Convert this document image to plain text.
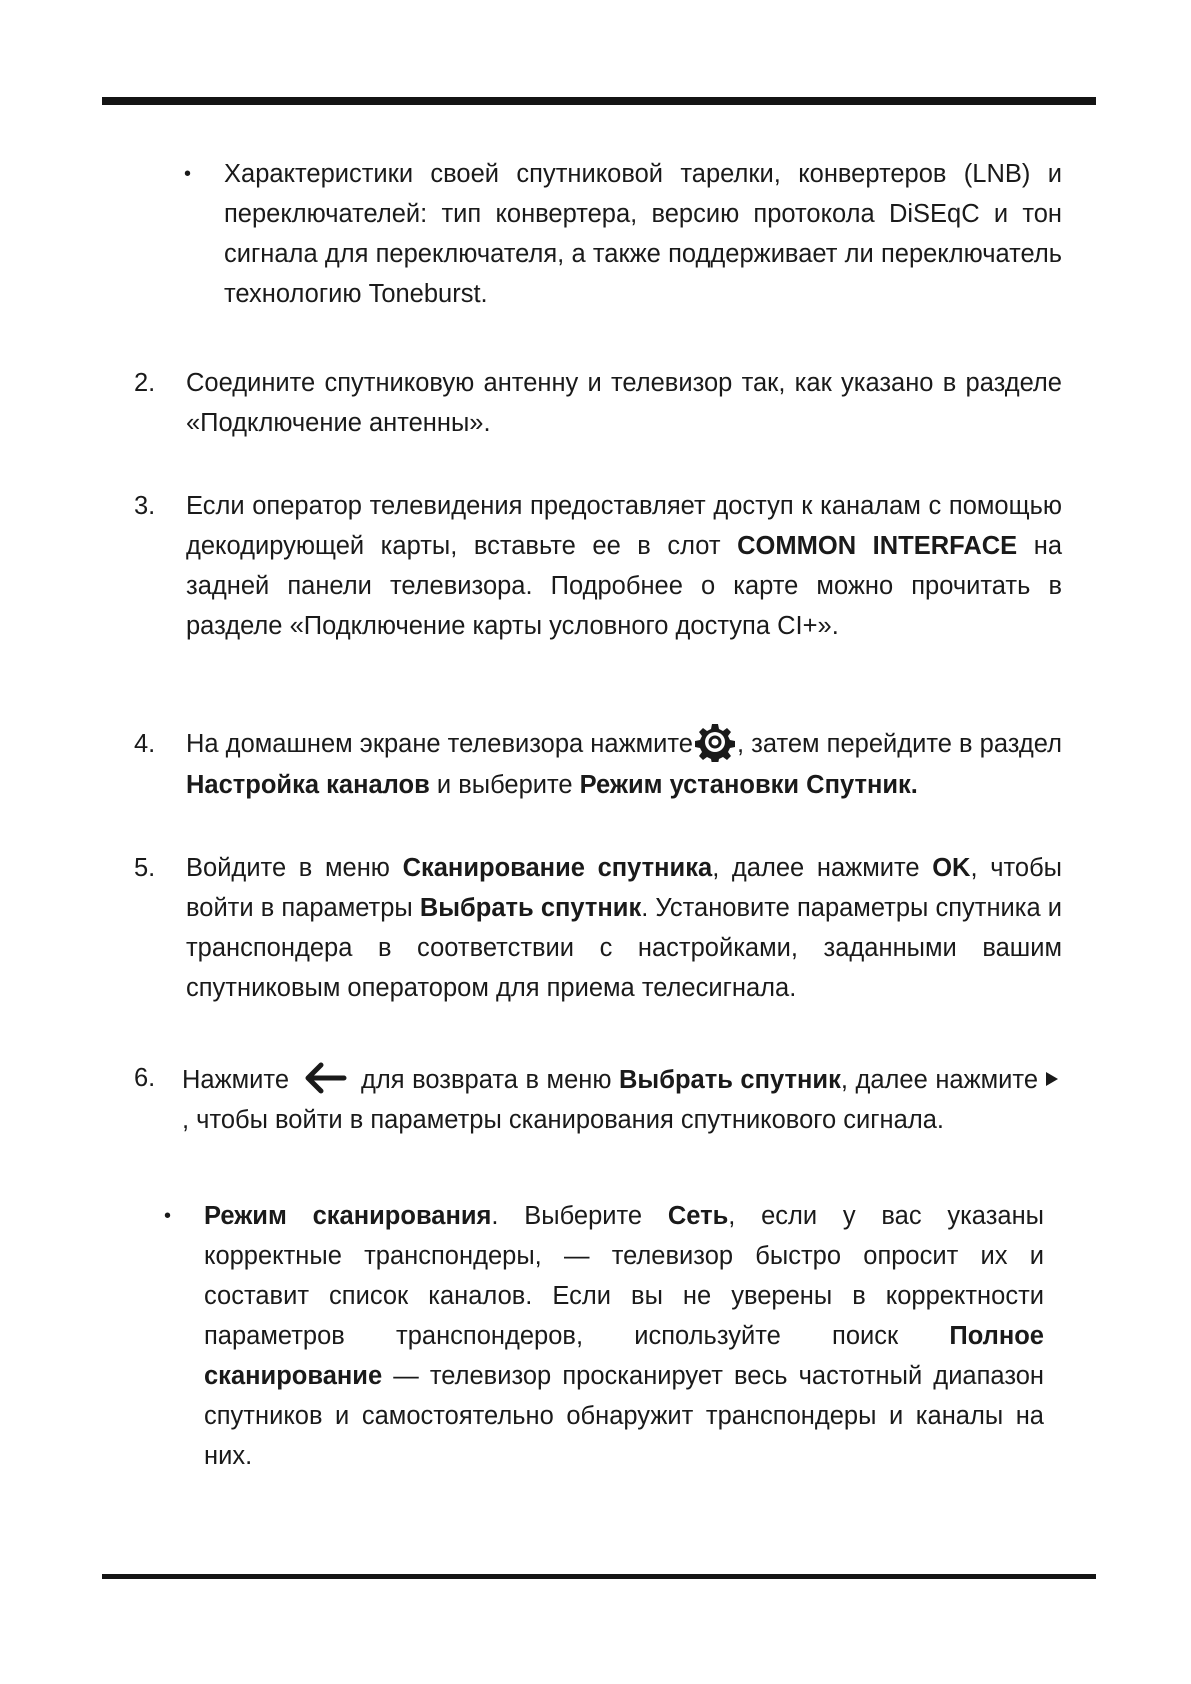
• Характеристики своей спутниковой тарелки, конвертеров (LNB) и переключателей: тип конвертера, версию протокола DiSEqC и тон сигнала для переключателя, а также поддерживает ли переключатель технологию Toneburst.

2. Соедините спутниковую антенну и телевизор так, как указано в разделе «Подключение антенны».

3. Если оператор телевидения предоставляет доступ к каналам с помощью декодирующей карты, вставьте ее в слот COMMON INTERFACE на задней панели телевизора. Подробнее о карте можно прочитать в разделе «Подключение карты условного доступа CI+».

4. На домашнем экране телевизора нажмите , затем перейдите в раздел Настройка каналов и выберите Режим установки Спутник.

5. Войдите в меню Сканирование спутника, далее нажмите OK, чтобы войти в параметры Выбрать спутник. Установите параметры спутника и транспондера в соответствии с настройками, заданными вашим спутниковым оператором для приема телесигнала.

6. Нажмите	для возврата в меню Выбрать спутник, далее нажмите, чтобы войти в параметры сканирования спутникового сигнала.

• Режим сканирования. Выберите Сеть, если у вас указаны корректные транспондеры, — телевизор быстро опросит их и составит список каналов. Если вы не уверены в корректности параметров транспондеров, используйте поиск Полное сканирование — телевизор просканирует весь частотный диапазон спутников и самостоятельно обнаружит транспондеры и каналы на них.
